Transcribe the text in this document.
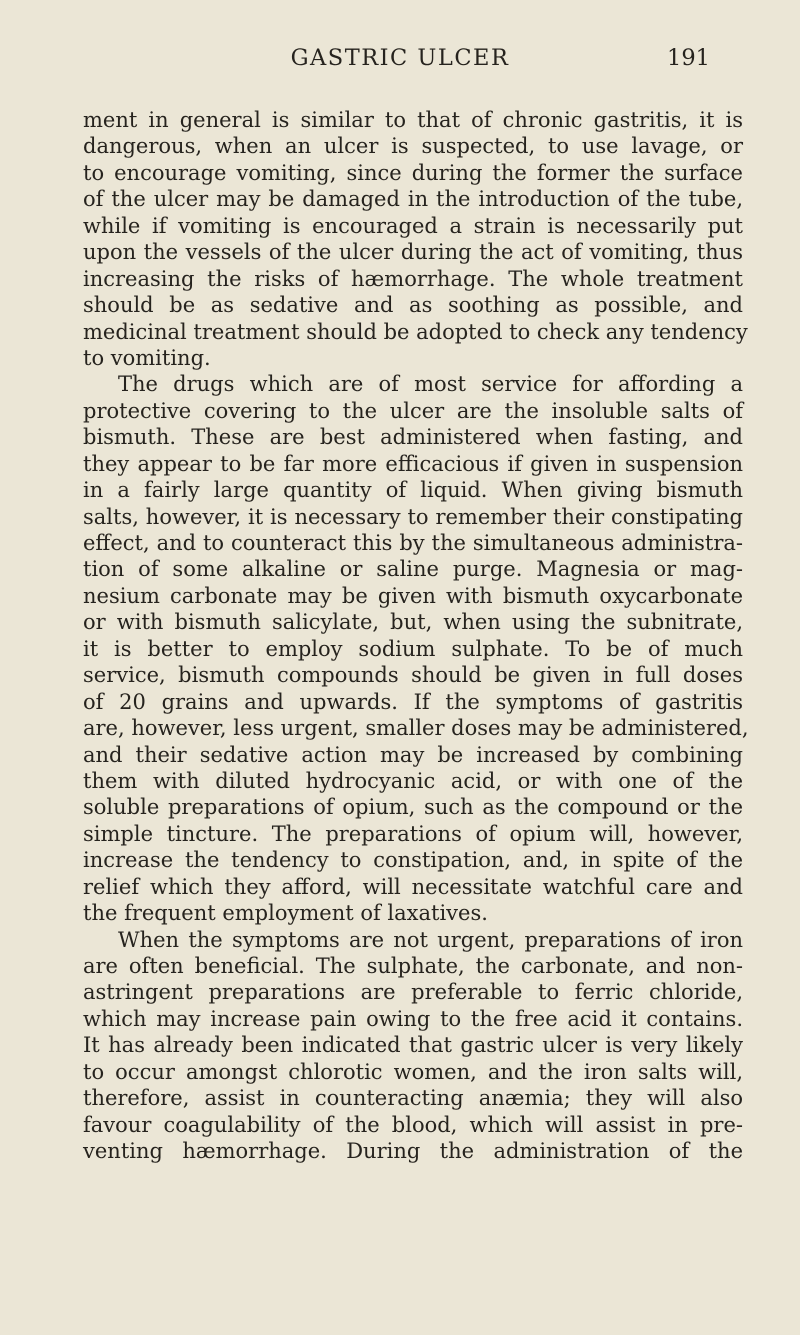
GASTRIC ULCER	191
ment in general is similar to that of chronic gastritis, it is
dangerous, when an ulcer is suspected, to use lavage, or
to encourage vomiting, since during the former the surface
of the ulcer may be damaged in the introduction of the tube,
while if vomiting is encouraged a strain is necessarily put
upon the vessels of the ulcer during the act of vomiting, thus
increasing the risks of hæmorrhage. The whole treatment
should be as sedative and as soothing as possible, and
medicinal treatment should be adopted to check any tendency
to vomiting.
The drugs which are of most service for affording a
protective covering to the ulcer are the insoluble salts of
bismuth. These are best administered when fasting, and
they appear to be far more efficacious if given in suspension
in a fairly large quantity of liquid. When giving bismuth
salts, however, it is necessary to remember their constipating
effect, and to counteract this by the simultaneous administra-
tion of some alkaline or saline purge. Magnesia or mag-
nesium carbonate may be given with bismuth oxycarbonate
or with bismuth salicylate, but, when using the subnitrate,
it is better to employ sodium sulphate. To be of much
service, bismuth compounds should be given in full doses
of 20 grains and upwards. If the symptoms of gastritis
are, however, less urgent, smaller doses may be administered,
and their sedative action may be increased by combining
them with diluted hydrocyanic acid, or with one of the
soluble preparations of opium, such as the compound or the
simple tincture. The preparations of opium will, however,
increase the tendency to constipation, and, in spite of the
relief which they afford, will necessitate watchful care and
the frequent employment of laxatives.
When the symptoms are not urgent, preparations of iron
are often beneficial. The sulphate, the carbonate, and non-
astringent preparations are preferable to ferric chloride,
which may increase pain owing to the free acid it contains.
It has already been indicated that gastric ulcer is very likely
to occur amongst chlorotic women, and the iron salts will,
therefore, assist in counteracting anæmia; they will also
favour coagulability of the blood, which will assist in pre-
venting hæmorrhage. During the administration of the
